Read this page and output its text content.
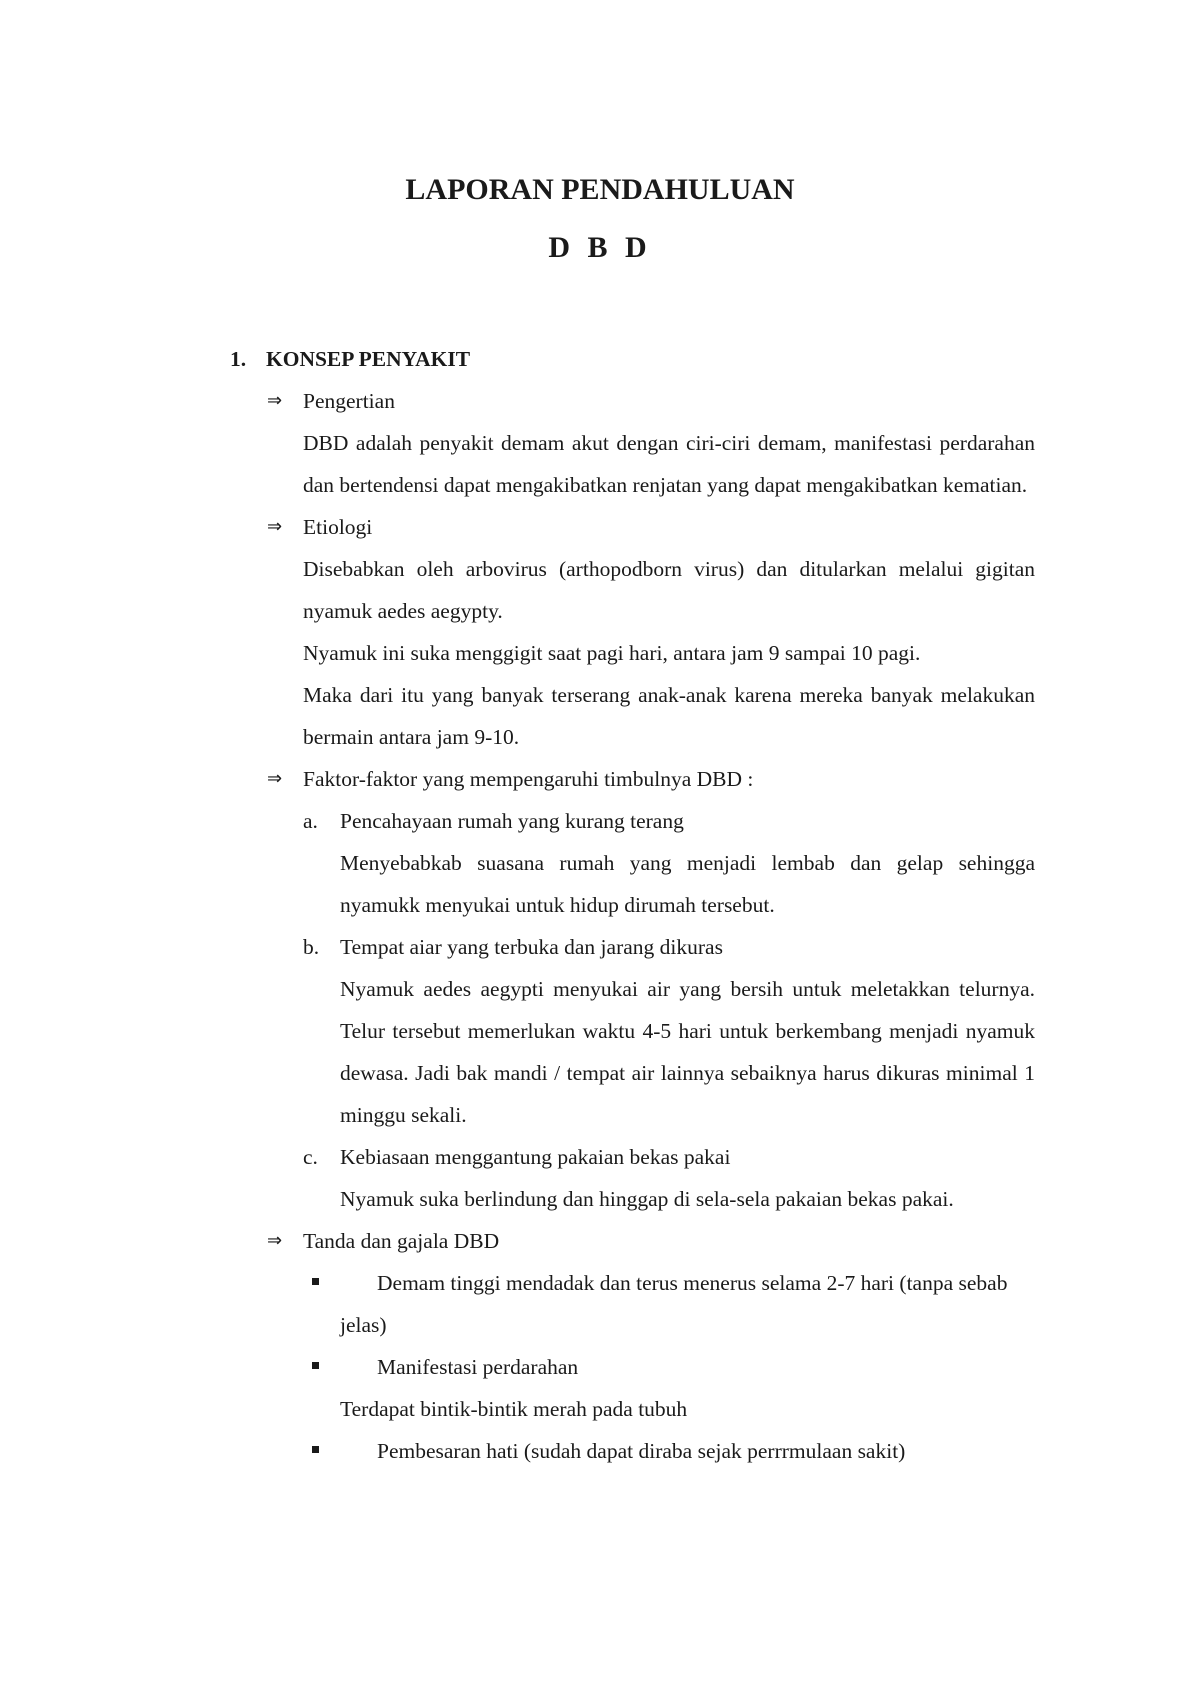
LAPORAN PENDAHULUAN
D B D
1. KONSEP PENYAKIT
⇒ Pengertian
DBD adalah penyakit demam akut dengan ciri-ciri demam, manifestasi perdarahan dan bertendensi dapat mengakibatkan renjatan yang dapat mengakibatkan kematian.
⇒ Etiologi
Disebabkan oleh arbovirus (arthopodborn virus) dan ditularkan melalui gigitan nyamuk aedes aegypty.
Nyamuk ini suka menggigit saat pagi hari, antara jam 9 sampai 10 pagi.
Maka dari itu yang banyak terserang anak-anak karena mereka banyak melakukan bermain antara jam 9-10.
⇒ Faktor-faktor yang mempengaruhi timbulnya DBD :
a.	Pencahayaan rumah yang kurang terang
Menyebabkab suasana rumah yang menjadi lembab dan gelap sehingga nyamukk menyukai untuk hidup dirumah tersebut.
b. Tempat aiar yang terbuka dan jarang dikuras
Nyamuk aedes aegypti menyukai air yang bersih untuk meletakkan telurnya. Telur tersebut memerlukan waktu 4-5 hari untuk berkembang menjadi nyamuk dewasa. Jadi bak mandi / tempat air lainnya sebaiknya harus dikuras minimal 1 minggu sekali.
c.	Kebiasaan menggantung pakaian bekas pakai
Nyamuk suka berlindung dan hinggap di sela-sela pakaian bekas pakai.
⇒ Tanda dan gajala DBD
Demam tinggi mendadak dan terus menerus selama 2-7 hari (tanpa sebab jelas)
Manifestasi perdarahan
Terdapat bintik-bintik merah pada tubuh
Pembesaran hati (sudah dapat diraba sejak perrrmulaan sakit)
